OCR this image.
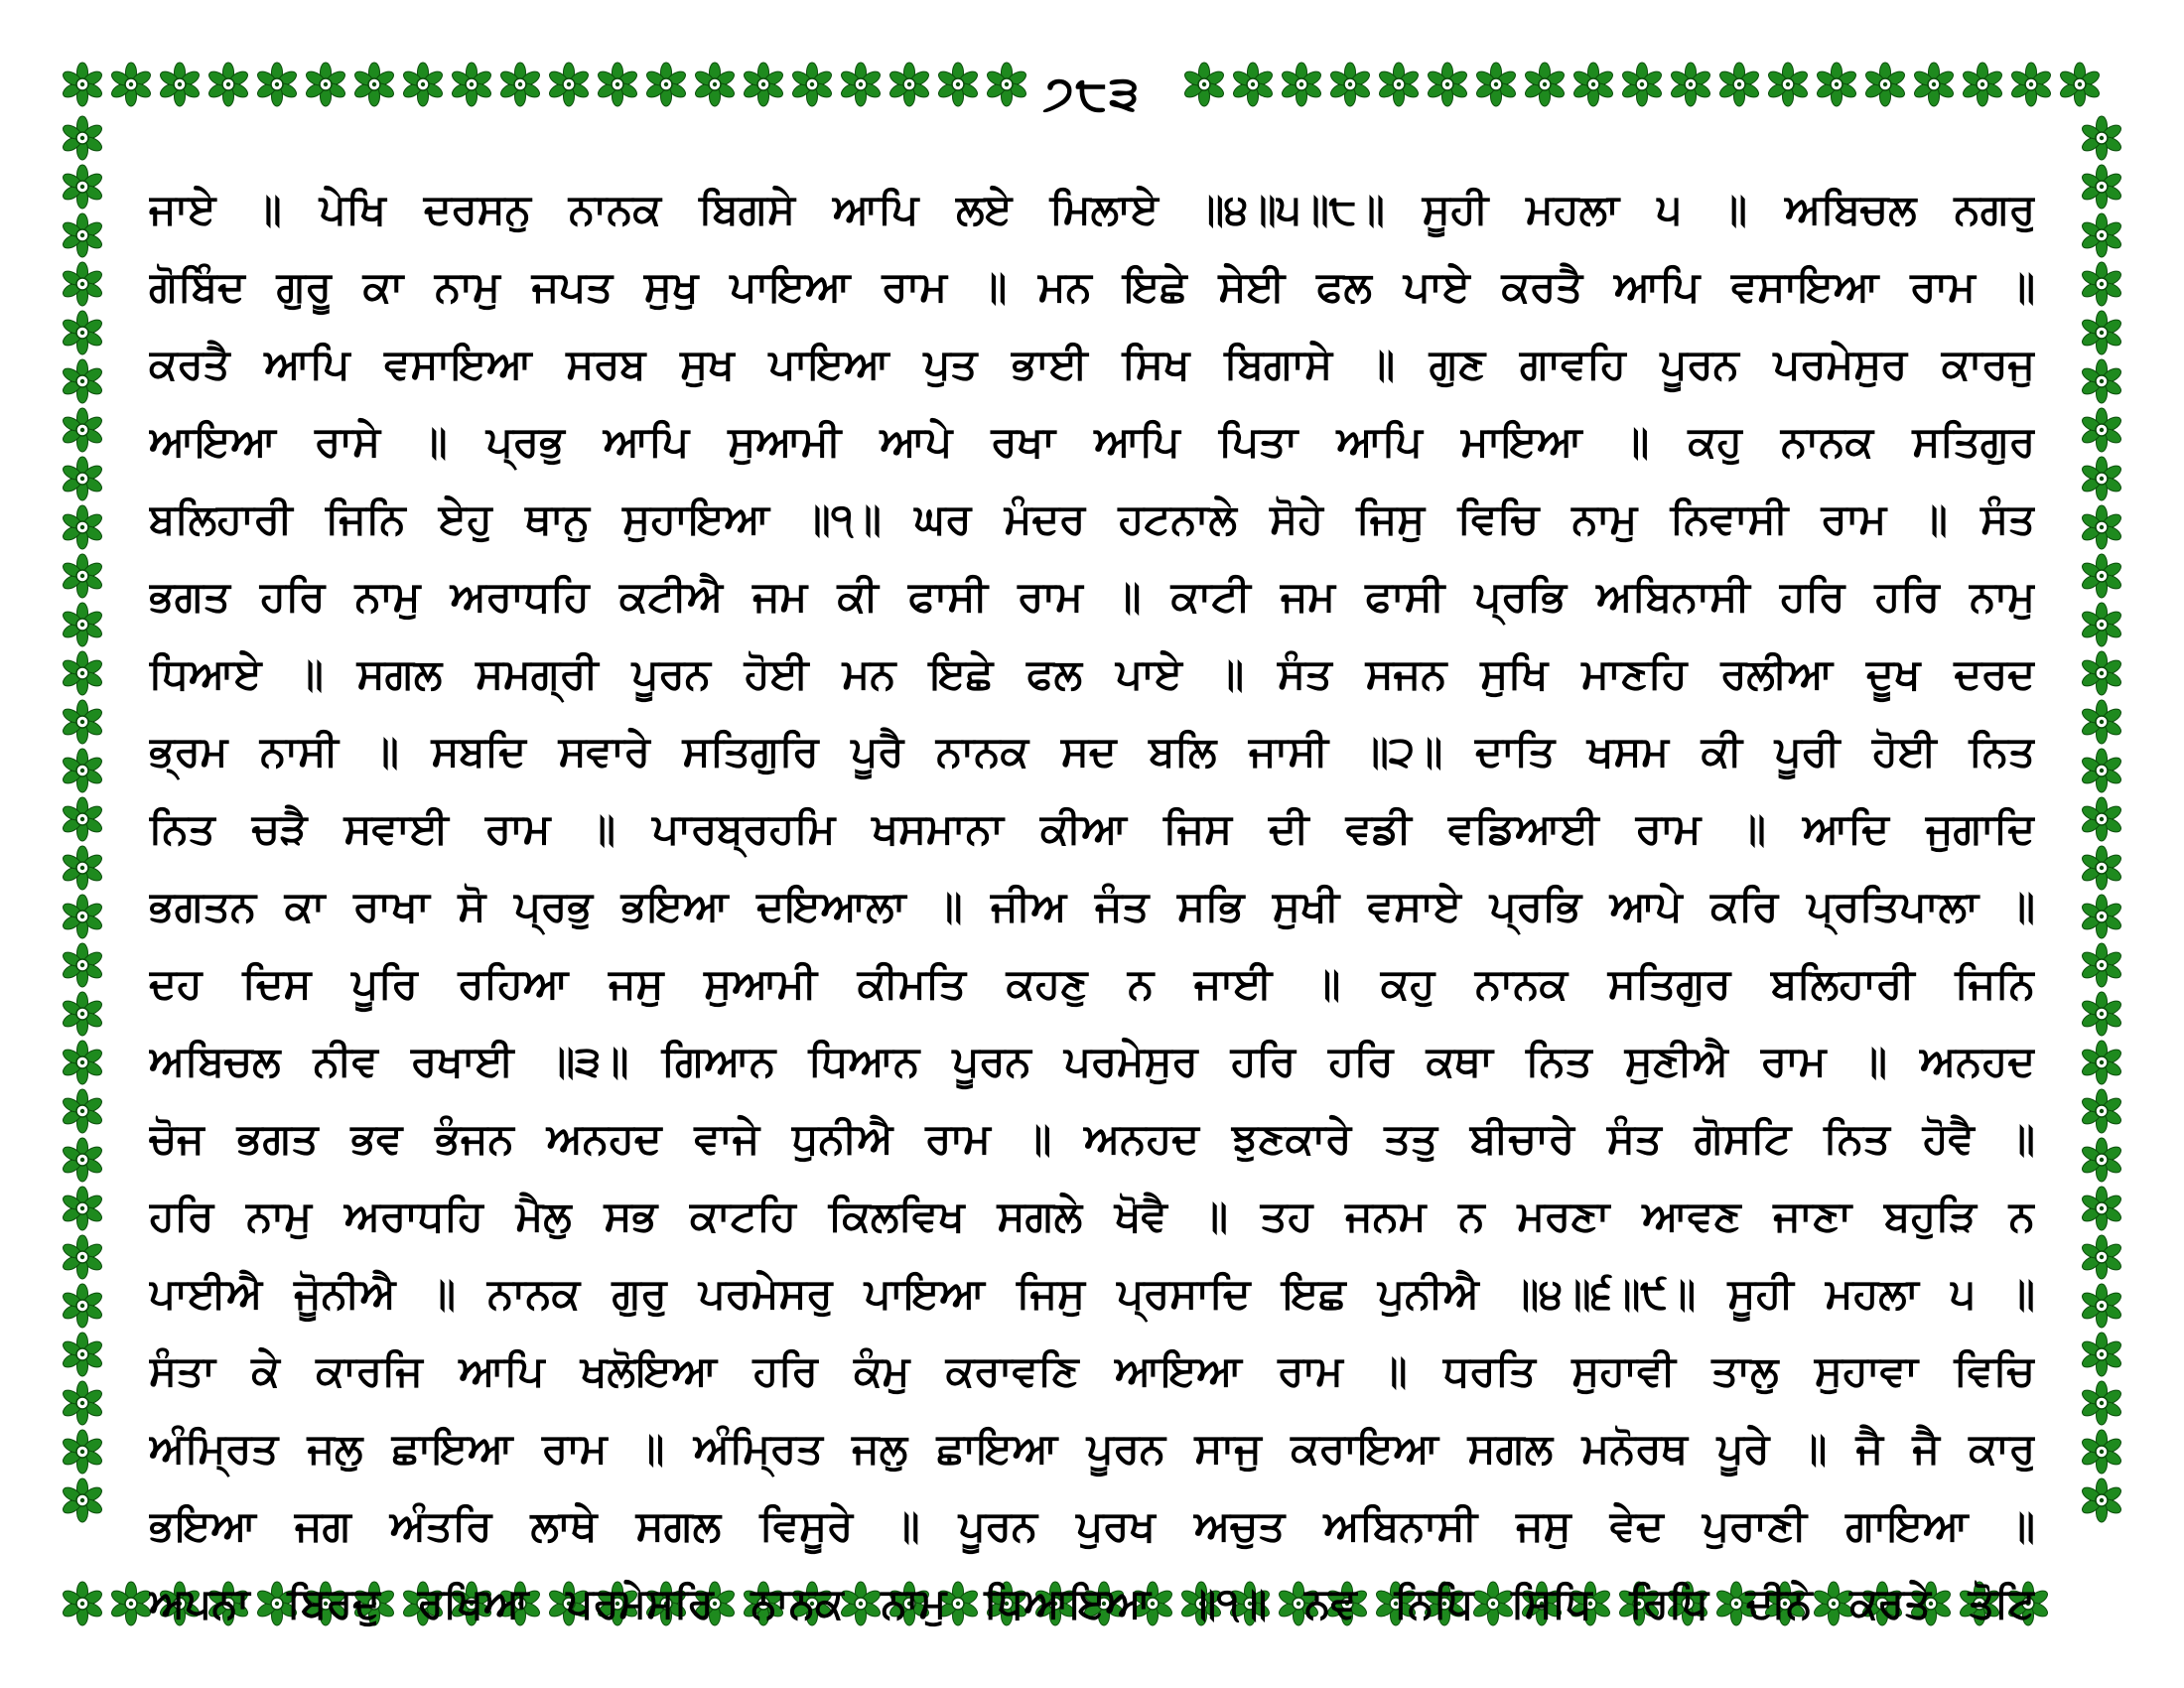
੭੮੩
ਜਾਏ ॥ ਪੇਖਿ ਦਰਸਨੁ ਨਾਨਕ ਬਿਗਸੇ ਆਪਿ ਲਏ ਮਿਲਾਏ ॥੪॥੫॥੮॥ ਸੂਹੀ ਮਹਲਾ ੫ ॥ ਅਬਿਚਲ ਨਗਰੁ
ਗੋਬਿੰਦ ਗੁਰੂ ਕਾ ਨਾਮੁ ਜਪਤ ਸੁਖੁ ਪਾਇਆ ਰਾਮ ॥ ਮਨ ਇਛੇ ਸੇਈ ਫਲ ਪਾਏ ਕਰਤੈ ਆਪਿ ਵਸਾਇਆ ਰਾਮ ॥
ਕਰਤੈ ਆਪਿ ਵਸਾਇਆ ਸਰਬ ਸੁਖ ਪਾਇਆ ਪੁਤ ਭਾਈ ਸਿਖ ਬਿਗਾਸੇ ॥ ਗੁਣ ਗਾਵਹਿ ਪੂਰਨ ਪਰਮੇਸੁਰ ਕਾਰਜੁ
ਆਇਆ ਰਾਸੇ ॥ ਪ੍ਰਭੁ ਆਪਿ ਸੁਆਮੀ ਆਪੇ ਰਖਾ ਆਪਿ ਪਿਤਾ ਆਪਿ ਮਾਇਆ ॥ ਕਹੁ ਨਾਨਕ ਸਤਿਗੁਰ
ਬਲਿਹਾਰੀ ਜਿਨਿ ਏਹੁ ਥਾਨੁ ਸੁਹਾਇਆ ॥੧॥ ਘਰ ਮੰਦਰ ਹਟਨਾਲੇ ਸੋਹੇ ਜਿਸੁ ਵਿਚਿ ਨਾਮੁ ਨਿਵਾਸੀ ਰਾਮ ॥ ਸੰਤ
ਭਗਤ ਹਰਿ ਨਾਮੁ ਅਰਾਧਹਿ ਕਟੀਐ ਜਮ ਕੀ ਫਾਸੀ ਰਾਮ ॥ ਕਾਟੀ ਜਮ ਫਾਸੀ ਪ੍ਰਭਿ ਅਬਿਨਾਸੀ ਹਰਿ ਹਰਿ ਨਾਮੁ
ਧਿਆਏ ॥ ਸਗਲ ਸਮਗ੍ਰੀ ਪੂਰਨ ਹੋਈ ਮਨ ਇਛੇ ਫਲ ਪਾਏ ॥ ਸੰਤ ਸਜਨ ਸੁਖਿ ਮਾਣਹਿ ਰਲੀਆ ਦੂਖ ਦਰਦ
ਭ੍ਰਮ ਨਾਸੀ ॥ ਸਬਦਿ ਸਵਾਰੇ ਸਤਿਗੁਰਿ ਪੂਰੈ ਨਾਨਕ ਸਦ ਬਲਿ ਜਾਸੀ ॥੨॥ ਦਾਤਿ ਖਸਮ ਕੀ ਪੂਰੀ ਹੋਈ ਨਿਤ
ਨਿਤ ਚੜੈ ਸਵਾਈ ਰਾਮ ॥ ਪਾਰਬ੍ਰਹਮਿ ਖਸਮਾਨਾ ਕੀਆ ਜਿਸ ਦੀ ਵਡੀ ਵਡਿਆਈ ਰਾਮ ॥ ਆਦਿ ਜੁਗਾਦਿ
ਭਗਤਨ ਕਾ ਰਾਖਾ ਸੋ ਪ੍ਰਭੁ ਭਇਆ ਦਇਆਲਾ ॥ ਜੀਅ ਜੰਤ ਸਭਿ ਸੁਖੀ ਵਸਾਏ ਪ੍ਰਭਿ ਆਪੇ ਕਰਿ ਪ੍ਰਤਿਪਾਲਾ ॥
ਦਹ ਦਿਸ ਪੂਰਿ ਰਹਿਆ ਜਸੁ ਸੁਆਮੀ ਕੀਮਤਿ ਕਹਣੁ ਨ ਜਾਈ ॥ ਕਹੁ ਨਾਨਕ ਸਤਿਗੁਰ ਬਲਿਹਾਰੀ ਜਿਨਿ
ਅਬਿਚਲ ਨੀਵ ਰਖਾਈ ॥੩॥ ਗਿਆਨ ਧਿਆਨ ਪੂਰਨ ਪਰਮੇਸੁਰ ਹਰਿ ਹਰਿ ਕਥਾ ਨਿਤ ਸੁਣੀਐ ਰਾਮ ॥ ਅਨਹਦ
ਚੋਜ ਭਗਤ ਭਵ ਭੰਜਨ ਅਨਹਦ ਵਾਜੇ ਧੁਨੀਐ ਰਾਮ ॥ ਅਨਹਦ ਝੁਣਕਾਰੇ ਤਤੁ ਬੀਚਾਰੇ ਸੰਤ ਗੋਸਟਿ ਨਿਤ ਹੋਵੈ ॥
ਹਰਿ ਨਾਮੁ ਅਰਾਧਹਿ ਮੈਲੁ ਸਭ ਕਾਟਹਿ ਕਿਲਵਿਖ ਸਗਲੇ ਖੋਵੈ ॥ ਤਹ ਜਨਮ ਨ ਮਰਣਾ ਆਵਣ ਜਾਣਾ ਬਹੁੜਿ ਨ
ਪਾਈਐ ਜੂੋਨੀਐ ॥ ਨਾਨਕ ਗੁਰੁ ਪਰਮੇਸਰੁ ਪਾਇਆ ਜਿਸੁ ਪ੍ਰਸਾਦਿ ਇਛ ਪੁਨੀਐ ॥੪॥੬॥੯॥ ਸੂਹੀ ਮਹਲਾ ੫ ॥
ਸੰਤਾ ਕੇ ਕਾਰਜਿ ਆਪਿ ਖਲੋਇਆ ਹਰਿ ਕੰਮੁ ਕਰਾਵਣਿ ਆਇਆ ਰਾਮ ॥ ਧਰਤਿ ਸੁਹਾਵੀ ਤਾਲੁ ਸੁਹਾਵਾ ਵਿਚਿ
ਅੰਮ੍ਰਿਤ ਜਲੁ ਛਾਇਆ ਰਾਮ ॥ ਅੰਮ੍ਰਿਤ ਜਲੁ ਛਾਇਆ ਪੂਰਨ ਸਾਜੁ ਕਰਾਇਆ ਸਗਲ ਮਨੋਰਥ ਪੂਰੇ ॥ ਜੈ ਜੈ ਕਾਰੁ
ਭਇਆ ਜਗ ਅੰਤਰਿ ਲਾਥੇ ਸਗਲ ਵਿਸੂਰੇ ॥ ਪੂਰਨ ਪੁਰਖ ਅਚੁਤ ਅਬਿਨਾਸੀ ਜਸੁ ਵੇਦ ਪੁਰਾਣੀ ਗਾਇਆ ॥
ਅਪਨਾ ਬਿਰਦੁ ਰਖਿਆ ਪਰਮੇਸਰਿ ਨਾਨਕ ਨਾਮੁ ਧਿਆਇਆ ॥੧॥ ਨਵ ਨਿਧਿ ਸਿਧਿ ਰਿਧਿ ਦੀਨੇ ਕਰਤੇ ਤੋਟਿ
